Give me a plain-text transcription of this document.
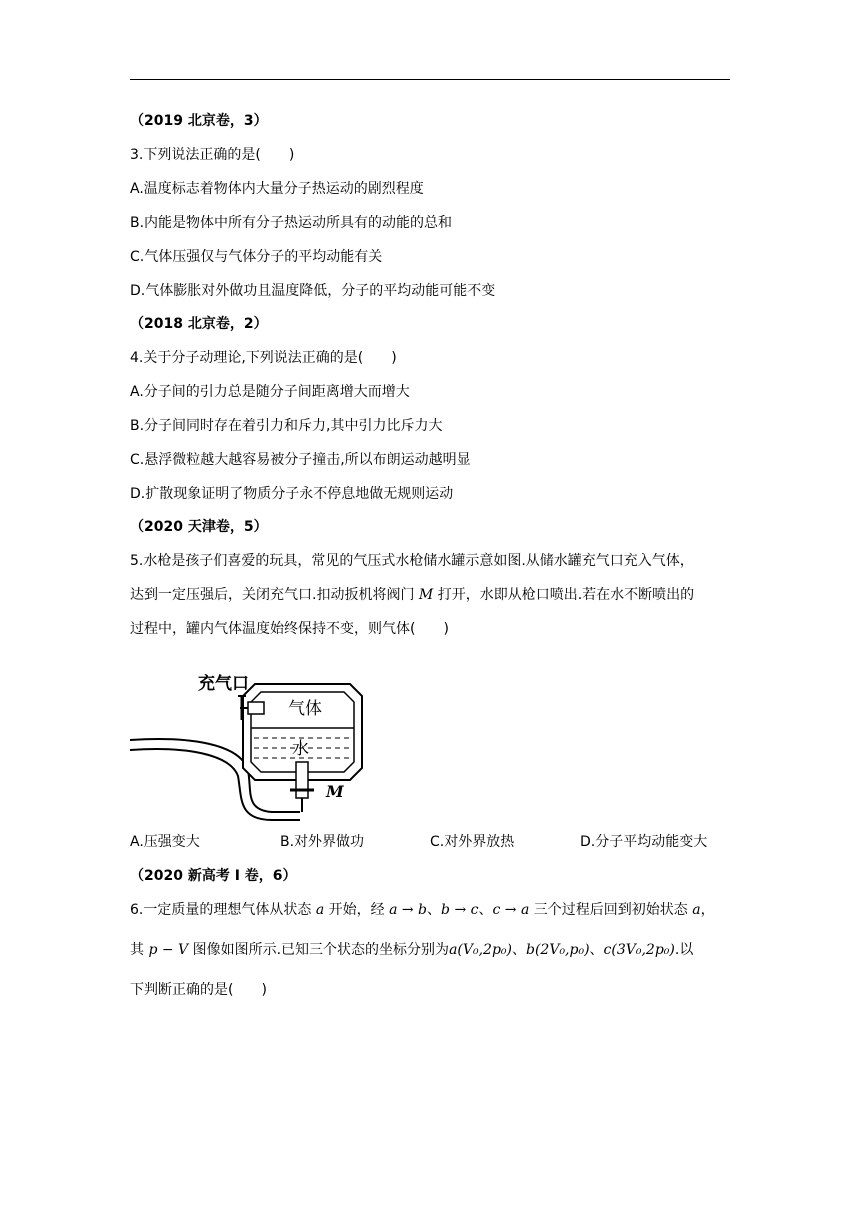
（2019 北京卷，3）
3.下列说法正确的是(　　)
A.温度标志着物体内大量分子热运动的剧烈程度
B.内能是物体中所有分子热运动所具有的动能的总和
C.气体压强仅与气体分子的平均动能有关
D.气体膨胀对外做功且温度降低，分子的平均动能可能不变
（2018 北京卷，2）
4.关于分子动理论,下列说法正确的是(　　)
A.分子间的引力总是随分子间距离增大而增大
B.分子间同时存在着引力和斥力,其中引力比斥力大
C.悬浮微粒越大越容易被分子撞击,所以布朗运动越明显
D.扩散现象证明了物质分子永不停息地做无规则运动
（2020 天津卷，5）
5.水枪是孩子们喜爱的玩具，常见的气压式水枪储水罐示意如图.从储水罐充气口充入气体，
达到一定压强后，关闭充气口.扣动扳机将阀门 M 打开，水即从枪口喷出.若在水不断喷出的
过程中，罐内气体温度始终保持不变，则气体(　　)
充气口
气体
水
M
A.压强变大	B.对外界做功	C.对外界放热	D.分子平均动能变大
（2020 新高考 I 卷，6）
6.一定质量的理想气体从状态 a 开始，经 a → b、b → c、c → a 三个过程后回到初始状态 a，
其 p − V 图像如图所示.已知三个状态的坐标分别为a(V₀,2p₀)、b(2V₀,p₀)、c(3V₀,2p₀).以
下判断正确的是(　　)
